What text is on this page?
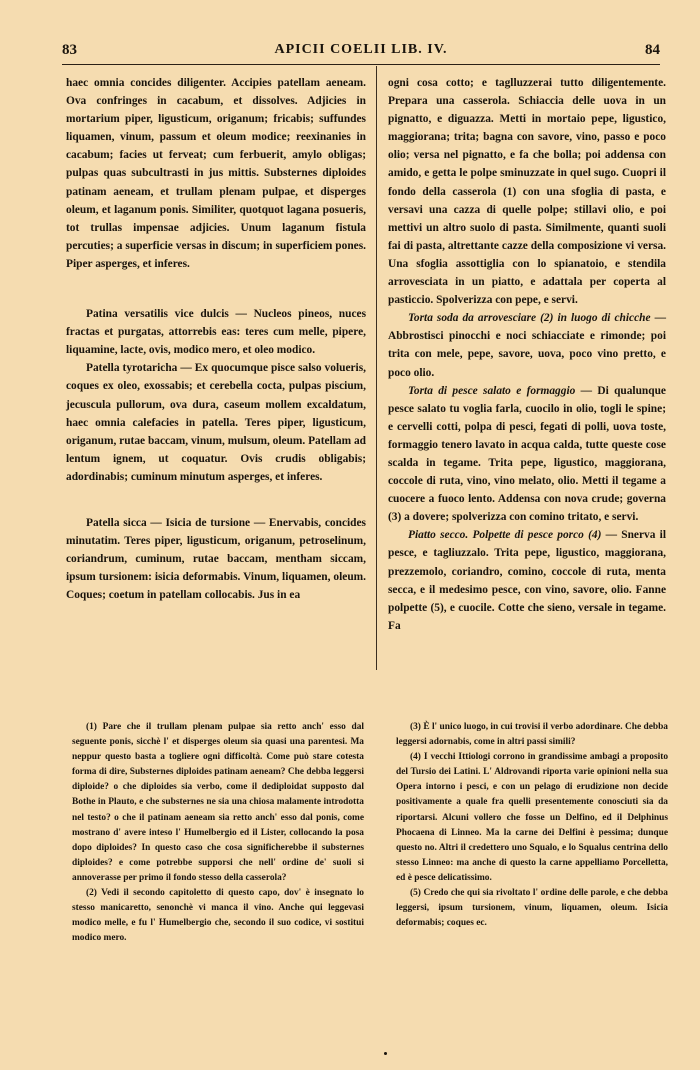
83	APICII COELII LIB. IV.	84

haec omnia concides diligenter. Accipies patellam aeneam. Ova confringes in cacabum, et dissolves. Adjicies in mortarium piper, ligusticum, origanum; fricabis; suffundes liquamen, vinum, passum et oleum modice; reexinanies in cacabum; facies ut ferveat; cum ferbuerit, amylo obligas; pulpas quas subcultrasti in jus mittis. Substernes diploides patinam aeneam, et trullam plenam pulpae, et disperges oleum, et laganum ponis. Similiter, quotquot lagana posueris, tot trullas impensae adjicies. Unum laganum fistula percuties; a superficie versas in discum; in superficiem pones. Piper asperges, et inferes.

Patina versatilis vice dulcis — Nucleos pineos, nuces fractas et purgatas, attorrebis eas: teres cum melle, pipere, liquamine, lacte, ovis, modico mero, et oleo modico.

Patella tyrotaricha — Ex quocumque pisce salso volueris, coques ex oleo, exossabis; et cerebella cocta, pulpas piscium, jecuscula pullorum, ova dura, caseum mollem excaldatum, haec omnia calefacies in patella. Teres piper, ligusticum, origanum, rutae baccam, vinum, mulsum, oleum. Patellam ad lentum ignem, ut coquatur. Ovis crudis obligabis; adordinabis; cuminum minutum asperges, et inferes.

Patella sicca — Isicia de tursione — Enervabis, concides minutatim. Teres piper, ligusticum, origanum, petroselinum, coriandrum, cuminum, rutae baccam, mentham siccam, ipsum tursionem: isicia deformabis. Vinum, liquamen, oleum. Coques; coetum in patellam collocabis. Jus in ea

ogni cosa cotto; e taglluzzerai tutto diligentemente. Prepara una casserola. Schiaccia delle uova in un pignatto, e diguazza. Metti in mortaio pepe, ligustico, maggiorana; trita; bagna con savore, vino, passo e poco olio; versa nel pignatto, e fa che bolla; poi addensa con amido, e getta le polpe sminuzzate in quel sugo. Cuopri il fondo della casserola (1) con una sfoglia di pasta, e versavi una cazza di quelle polpe; stillavi olio, e poi mettivi un altro suolo di pasta. Similmente, quanti suoli fai di pasta, altrettante cazze della composizione vi versa. Una sfoglia assottiglia con lo spianatoio, e stendila arrovesciata in un piatto, e adattala per coperta al pasticcio. Spolverizza con pepe, e servi.

Torta soda da arrovesciare (2) in luogo di chicche — Abbrostisci pinocchi e noci schiacciate e rimonde; poi trita con mele, pepe, savore, uova, poco vino pretto, e poco olio.

Torta di pesce salato e formaggio — Di qualunque pesce salato tu voglia farla, cuocilo in olio, togli le spine; e cervelli cotti, polpa di pesci, fegati di polli, uova toste, formaggio tenero lavato in acqua calda, tutte queste cose scalda in tegame. Trita pepe, ligustico, maggiorana, coccole di ruta, vino, vino melato, olio. Metti il tegame a cuocere a fuoco lento. Addensa con nova crude; governa (3) a dovere; spolverizza con comino tritato, e servi.

Piatto secco. Polpette di pesce porco (4) — Snerva il pesce, e tagliuzzalo. Trita pepe, ligustico, maggiorana, prezzemolo, coriandro, comino, coccole di ruta, menta secca, e il medesimo pesce, con vino, savore, olio. Fanne polpette (5), e cuocile. Cotte che sieno, versale in tegame. Fa

(1) Pare che il trullam plenam pulpae sia retto anch' esso dal seguente ponis, sicchè l' et disperges oleum sia quasi una parentesi. Ma neppur questo basta a togliere ogni difficoltà. Come può stare cotesta forma di dire, Substernes diploides patinam aeneam? Che debba leggersi diploide? o che diploides sia verbo, come il dediploidat supposto dal Bothe in Plauto, e che substernes ne sia una chiosa malamente introdotta nel testo? o che il patinam aeneam sia retto anch' esso dal ponis, come mostrano d' avere inteso l' Humelbergio ed il Lister, collocando la posa dopo diploides? In questo caso che cosa significherebbe il substernes diploides? e come potrebbe supporsi che nell' ordine de' suoli si annoverasse per primo il fondo stesso della casserola?

(2) Vedi il secondo capitoletto di questo capo, dov' è insegnato lo stesso manicaretto, senonchè vi manca il vino. Anche qui leggevasi modico melle, e fu l' Humelbergio che, secondo il suo codice, vi sostitui modico mero.

(3) È l' unico luogo, in cui trovisi il verbo adordinare. Che debba leggersi adornabis, come in altri passi simili?

(4) I vecchi Ittiologi corrono in grandissime ambagi a proposito del Tursio dei Latini. L' Aldrovandi riporta varie opinioni nella sua Opera intorno i pesci, e con un pelago di erudizione non decide positivamente a quale fra quelli presentemente conosciuti sia da riportarsi. Alcuni vollero che fosse un Delfino, ed il Delphinus Phocaena di Linneo. Ma la carne dei Delfini è pessima; dunque questo no. Altri il credettero uno Squalo, e lo Squalus centrina dello stesso Linneo: ma anche di questo la carne appelliamo Porcelletta, ed è pesce delicatissimo.

(5) Credo che qui sia rivoltato l' ordine delle parole, e che debba leggersi, ipsum tursionem, vinum, liquamen, oleum. Isicia deformabis; coques ec.
